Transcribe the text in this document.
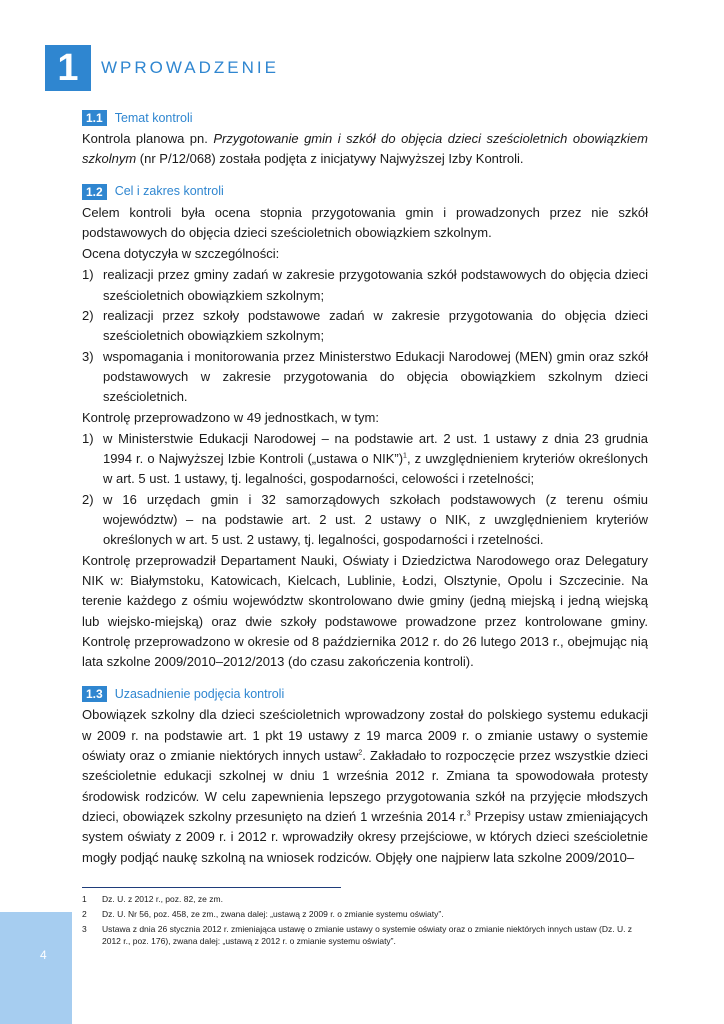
1	WPROWADZENIE
1.1 Temat kontroli

Kontrola planowa pn. Przygotowanie gmin i szkół do objęcia dzieci sześcioletnich obowiązkiem szkolnym (nr P/12/068) została podjęta z inicjatywy Najwyższej Izby Kontroli.

1.2 Cel i zakres kontroli

Celem kontroli była ocena stopnia przygotowania gmin i prowadzonych przez nie szkół podstawowych do objęcia dzieci sześcioletnich obowiązkiem szkolnym.

Ocena dotyczyła w szczególności:

1) realizacji przez gminy zadań w zakresie przygotowania szkół podstawowych do objęcia dzieci sześcioletnich obowiązkiem szkolnym;
2) realizacji przez szkoły podstawowe zadań w zakresie przygotowania do objęcia dzieci sześcioletnich obowiązkiem szkolnym;
3) wspomagania i monitorowania przez Ministerstwo Edukacji Narodowej (MEN) gmin oraz szkół podstawowych w zakresie przygotowania do objęcia obowiązkiem szkolnym dzieci sześcioletnich.

Kontrolę przeprowadzono w 49 jednostkach, w tym:

1) w Ministerstwie Edukacji Narodowej – na podstawie art. 2 ust. 1 ustawy z dnia 23 grudnia 1994 r. o Najwyższej Izbie Kontroli („ustawa o NIK”)$^1$, z uwzględnieniem kryteriów określonych w art. 5 ust. 1 ustawy, tj. legalności, gospodarności, celowości i rzetelności;
2) w 16 urzędach gmin i 32 samorządowych szkołach podstawowych (z terenu ośmiu województw) – na podstawie art. 2 ust. 2 ustawy o NIK, z uwzględnieniem kryteriów określonych w art. 5 ust. 2 ustawy, tj. legalności, gospodarności i rzetelności.

Kontrolę przeprowadził Departament Nauki, Oświaty i Dziedzictwa Narodowego oraz Delegatury NIK w: Białymstoku, Katowicach, Kielcach, Lublinie, Łodzi, Olsztynie, Opolu i Szczecinie. Na terenie każdego z ośmiu województw skontrolowano dwie gminy (jedną miejską i jedną wiejską lub wiejsko-miejską) oraz dwie szkoły podstawowe prowadzone przez kontrolowane gminy. Kontrolę przeprowadzono w okresie od 8 października 2012 r. do 26 lutego 2013 r., obejmując nią lata szkolne 2009/2010–2012/2013 (do czasu zakończenia kontroli).

1.3 Uzasadnienie podjęcia kontroli

Obowiązek szkolny dla dzieci sześcioletnich wprowadzony został do polskiego systemu edukacji w 2009 r. na podstawie art. 1 pkt 19 ustawy z 19 marca 2009 r. o zmianie ustawy o systemie oświaty oraz o zmianie niektórych innych ustaw$^2$. Zakładało to rozpoczęcie przez wszystkie dzieci sześcioletnie edukacji szkolnej w dniu 1 września 2012 r. Zmiana ta spowodowała protesty środowisk rodziców. W celu zapewnienia lepszego przygotowania szkół na przyjęcie młodszych dzieci, obowiązek szkolny przesunięto na dzień 1 września 2014 r.$^3$ Przepisy ustaw zmieniających system oświaty z 2009 r. i 2012 r. wprowadziły okresy przejściowe, w których dzieci sześcioletnie mogły podjąć naukę szkolną na wniosek rodziców. Objęły one najpierw lata szkolne 2009/2010–

1	Dz. U. z 2012 r., poz. 82, ze zm.
2	Dz. U. Nr 56, poz. 458, ze zm., zwana dalej: „ustawą z 2009 r. o zmianie systemu oświaty”.
3	Ustawa z dnia 26 stycznia 2012 r. zmieniająca ustawę o zmianie ustawy o systemie oświaty oraz o zmianie niektórych innych ustaw (Dz. U. z 2012 r., poz. 176), zwana dalej: „ustawą z 2012 r. o zmianie systemu oświaty”.
4
